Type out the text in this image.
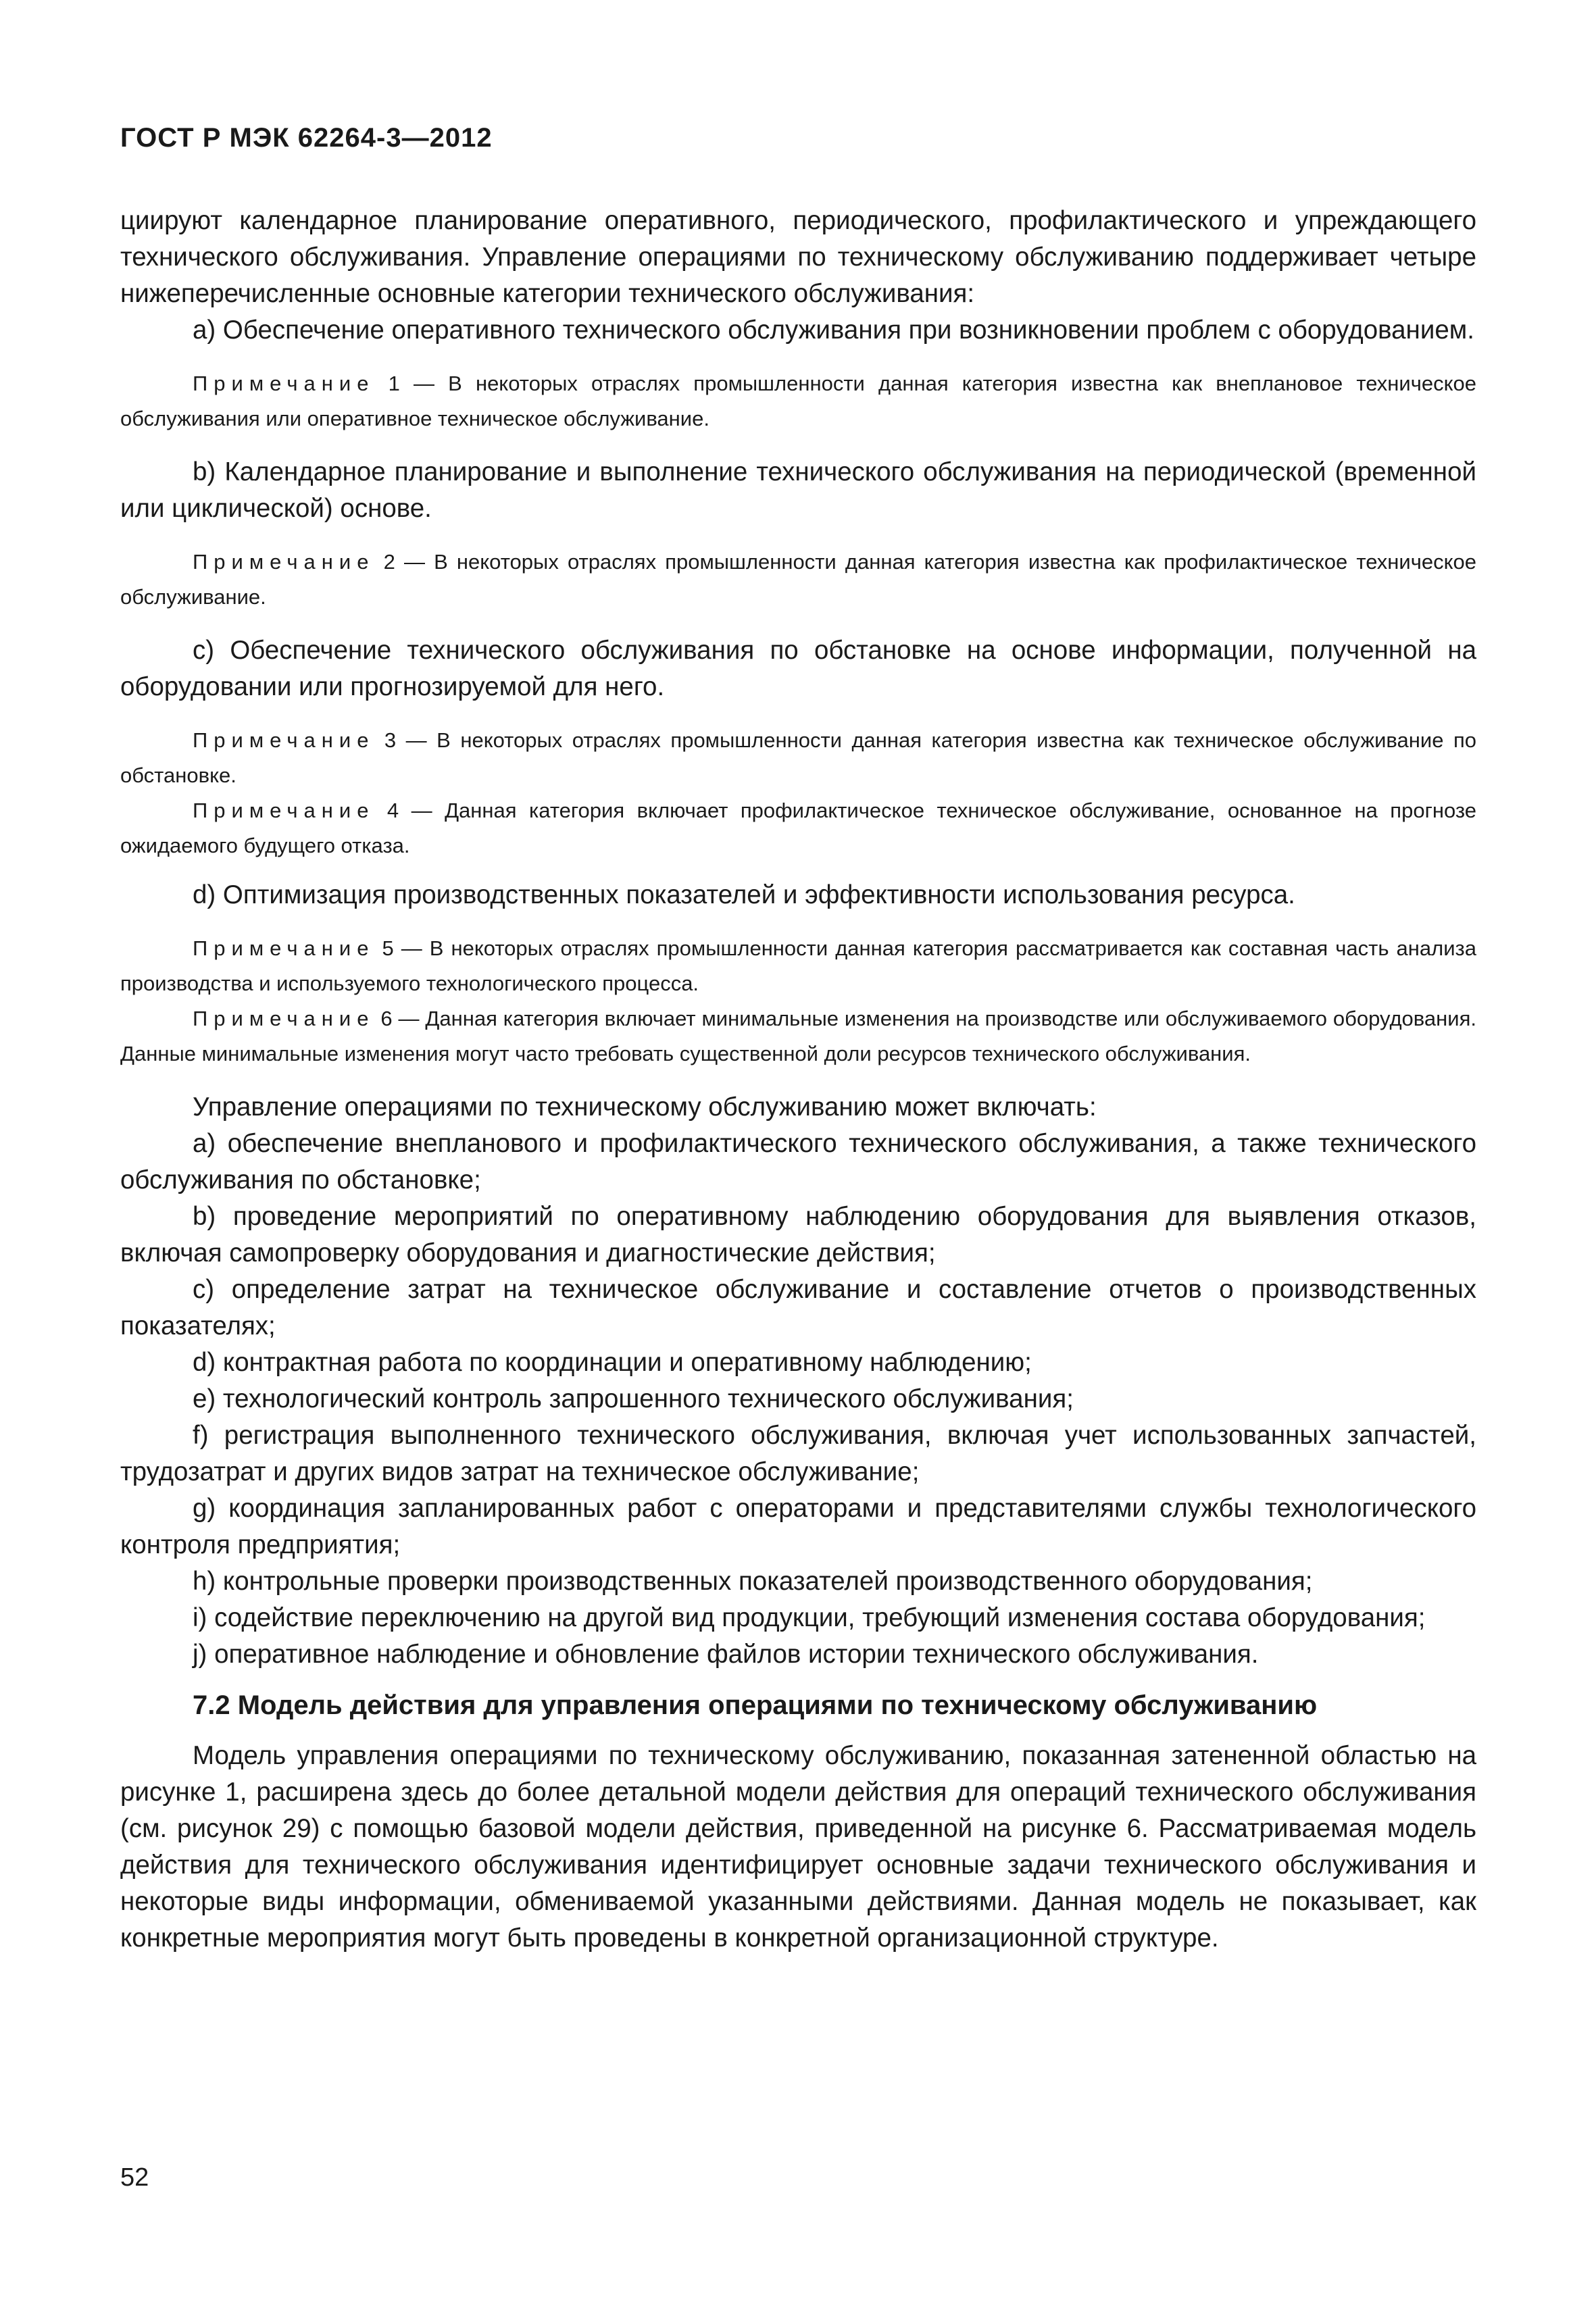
ГОСТ Р МЭК 62264-3—2012

циируют календарное планирование оперативного, периодического, профилактического и упреждающего технического обслуживания. Управление операциями по техническому обслуживанию поддерживает четыре нижеперечисленные основные категории технического обслуживания:

a) Обеспечение оперативного технического обслуживания при возникновении проблем с оборудованием.

Примечание 1 — В некоторых отраслях промышленности данная категория известна как внеплановое техническое обслуживания или оперативное техническое обслуживание.

b) Календарное планирование и выполнение технического обслуживания на периодической (временной или циклической) основе.

Примечание 2 — В некоторых отраслях промышленности данная категория известна как профилактическое техническое обслуживание.

c) Обеспечение технического обслуживания по обстановке на основе информации, полученной на оборудовании или прогнозируемой для него.

Примечание 3 — В некоторых отраслях промышленности данная категория известна как техническое обслуживание по обстановке.

Примечание 4 — Данная категория включает профилактическое техническое обслуживание, основанное на прогнозе ожидаемого будущего отказа.

d) Оптимизация производственных показателей и эффективности использования ресурса.

Примечание 5 — В некоторых отраслях промышленности данная категория рассматривается как составная часть анализа производства и используемого технологического процесса.

Примечание 6 — Данная категория включает минимальные изменения на производстве или обслуживаемого оборудования. Данные минимальные изменения могут часто требовать существенной доли ресурсов технического обслуживания.

Управление операциями по техническому обслуживанию может включать:

a) обеспечение внепланового и профилактического технического обслуживания, а также технического обслуживания по обстановке;

b) проведение мероприятий по оперативному наблюдению оборудования для выявления отказов, включая самопроверку оборудования и диагностические действия;

c) определение затрат на техническое обслуживание и составление отчетов о производственных показателях;

d) контрактная работа по координации и оперативному наблюдению;

e) технологический контроль запрошенного технического обслуживания;

f) регистрация выполненного технического обслуживания, включая учет использованных запчастей, трудозатрат и других видов затрат на техническое обслуживание;

g) координация запланированных работ с операторами и представителями службы технологического контроля предприятия;

h) контрольные проверки производственных показателей производственного оборудования;

i) содействие переключению на другой вид продукции, требующий изменения состава оборудования;

j) оперативное наблюдение и обновление файлов истории технического обслуживания.

7.2 Модель действия для управления операциями по техническому обслуживанию

Модель управления операциями по техническому обслуживанию, показанная затененной областью на рисунке 1, расширена здесь до более детальной модели действия для операций технического обслуживания (см. рисунок 29) с помощью базовой модели действия, приведенной на рисунке 6. Рассматриваемая модель действия для технического обслуживания идентифицирует основные задачи технического обслуживания и некоторые виды информации, обмениваемой указанными действиями. Данная модель не показывает, как конкретные мероприятия могут быть проведены в конкретной организационной структуре.

52
